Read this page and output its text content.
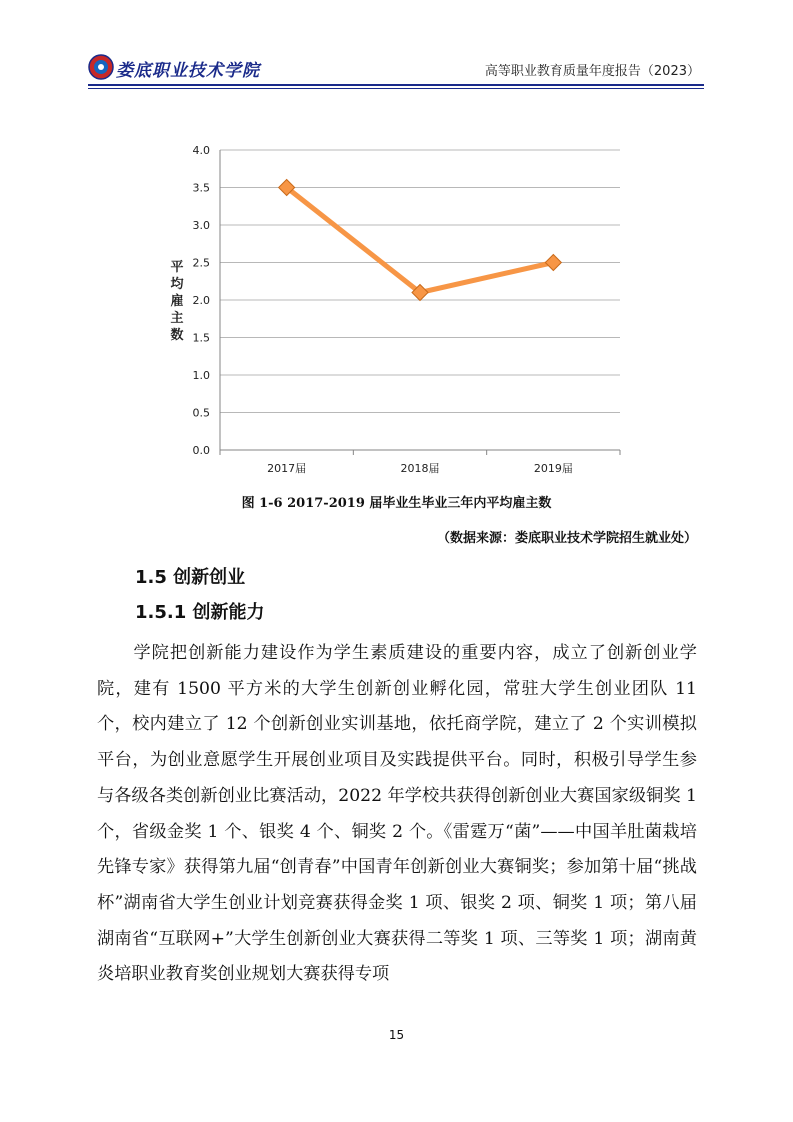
娄底职业技术学院	高等职业教育质量年度报告（2023）
0.0
0.5
1.0
1.5
2.0
2.5
3.0
3.5
4.0
2017届	2018届	2019届
平
均
雇
主
数
图 1-6 2017-2019 届毕业生毕业三年内平均雇主数
（数据来源：娄底职业技术学院招生就业处）
1.5 创新创业
1.5.1 创新能力

　　学院把创新能力建设作为学生素质建设的重要内容，成立了创新创业学院，建有 1500 平方米的大学生创新创业孵化园，常驻大学生创业团队 11 个，校内建立了 12 个创新创业实训基地，依托商学院，建立了 2 个实训模拟平台，为创业意愿学生开展创业项目及实践提供平台。同时，积极引导学生参与各级各类创新创业比赛活动，2022 年学校共获得创新创业大赛国家级铜奖 1 个，省级金奖 1 个、银奖 4 个、铜奖 2 个。《雷霆万“菌”——中国羊肚菌栽培先锋专家》获得第九届“创青春”中国青年创新创业大赛铜奖；参加第十届“挑战杯”湖南省大学生创业计划竞赛获得金奖 1 项、银奖 2 项、铜奖 1 项；第八届湖南省“互联网+”大学生创新创业大赛获得二等奖 1 项、三等奖 1 项；湖南黄炎培职业教育奖创业规划大赛获得专项

15
